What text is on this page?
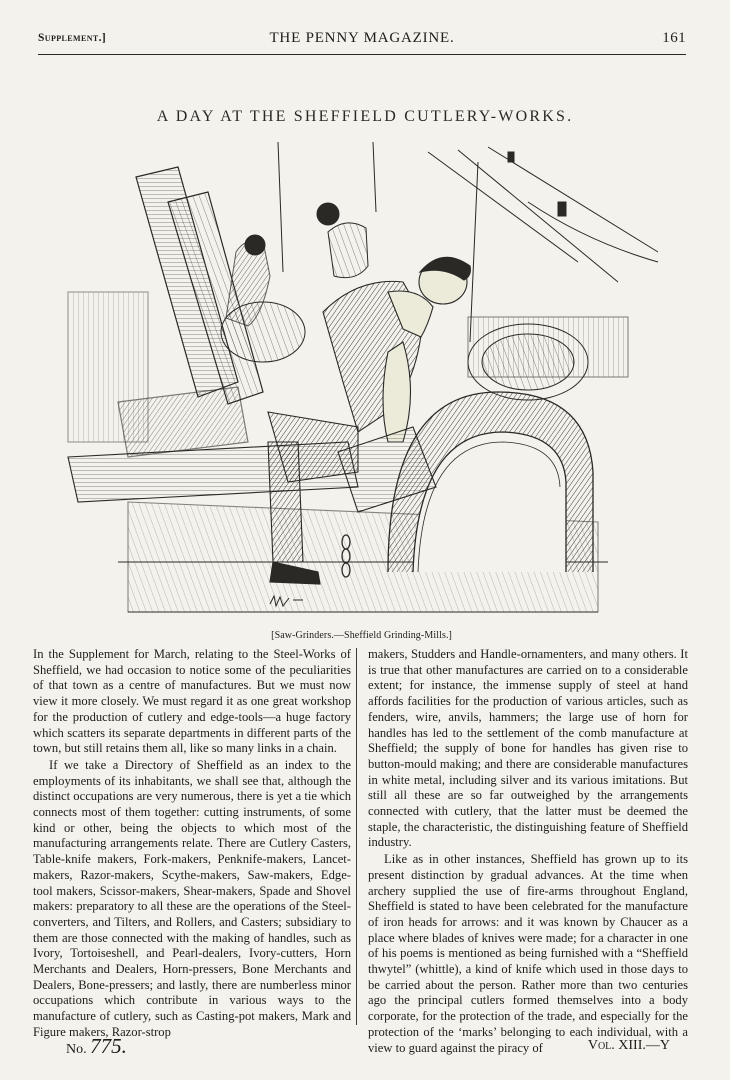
Supplement.]	THE PENNY MAGAZINE.	161
A DAY AT THE SHEFFIELD CUTLERY-WORKS.
[Saw-Grinders.—Sheffield Grinding-Mills.]

In the Supplement for March, relating to the Steel-Works of Sheffield, we had occasion to notice some of the peculiarities of that town as a centre of manufactures. But we must now view it more closely. We must regard it as one great workshop for the production of cutlery and edge-tools—a huge factory which scatters its separate departments in different parts of the town, but still retains them all, like so many links in a chain.

If we take a Directory of Sheffield as an index to the employments of its inhabitants, we shall see that, although the distinct occupations are very numerous, there is yet a tie which connects most of them together: cutting instruments, of some kind or other, being the objects to which most of the manufacturing arrangements relate. There are Cutlery Casters, Table-knife makers, Fork-makers, Penknife-makers, Lancet-makers, Razor-makers, Scythe-makers, Saw-makers, Edge-tool makers, Scissor-makers, Shear-makers, Spade and Shovel makers: preparatory to all these are the operations of the Steel-converters, and Tilters, and Rollers, and Casters; subsidiary to them are those connected with the making of handles, such as Ivory, Tortoiseshell, and Pearl-dealers, Ivory-cutters, Horn Merchants and Dealers, Horn-pressers, Bone Merchants and Dealers, Bone-pressers; and lastly, there are numberless minor occupations which contribute in various ways to the manufacture of cutlery, such as Casting-pot makers, Mark and Figure makers, Razor-strop

makers, Studders and Handle-ornamenters, and many others. It is true that other manufactures are carried on to a considerable extent; for instance, the immense supply of steel at hand affords facilities for the production of various articles, such as fenders, wire, anvils, hammers; the large use of horn for handles has led to the settlement of the comb manufacture at Sheffield; the supply of bone for handles has given rise to button-mould making; and there are considerable manufactures in white metal, including silver and its various imitations. But still all these are so far outweighed by the arrangements connected with cutlery, that the latter must be deemed the staple, the characteristic, the distinguishing feature of Sheffield industry.

Like as in other instances, Sheffield has grown up to its present distinction by gradual advances. At the time when archery supplied the use of fire-arms throughout England, Sheffield is stated to have been celebrated for the manufacture of iron heads for arrows: and it was known by Chaucer as a place where blades of knives were made; for a character in one of his poems is mentioned as being furnished with a “Sheffield thwytel” (whittle), a kind of knife which used in those days to be carried about the person. Rather more than two centuries ago the principal cutlers formed themselves into a body corporate, for the protection of the trade, and especially for the protection of the ‘marks’ belonging to each individual, with a view to guard against the piracy of

No. 775.	Vol. XIII.—Y
